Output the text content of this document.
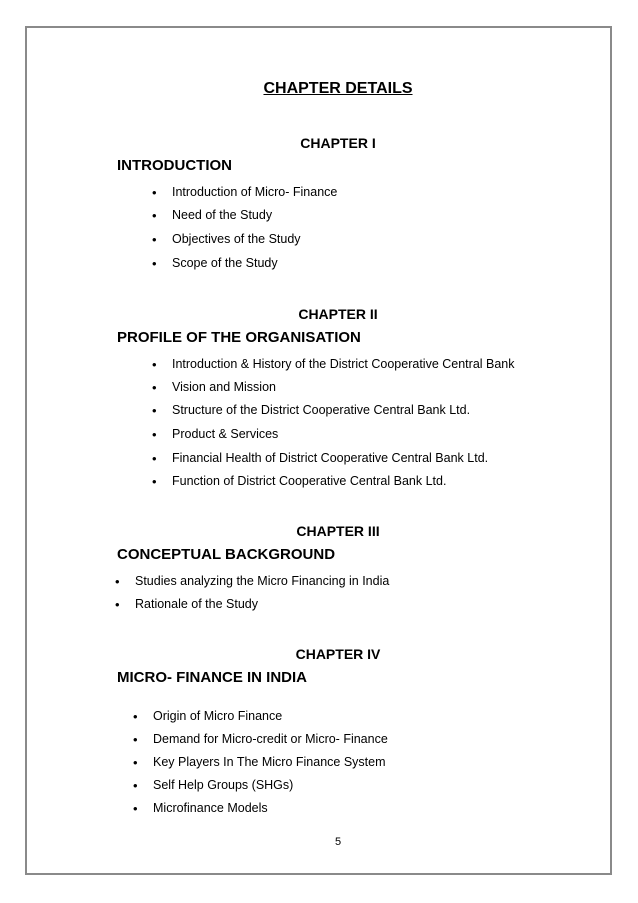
CHAPTER DETAILS
CHAPTER I
INTRODUCTION
• Introduction of Micro- Finance
• Need of the Study
• Objectives of the Study
• Scope of the Study
CHAPTER II
PROFILE OF THE ORGANISATION
• Introduction & History of the District Cooperative Central Bank
• Vision and Mission
• Structure of the District Cooperative Central Bank Ltd.
• Product & Services
• Financial Health of District Cooperative Central Bank Ltd.
• Function of District Cooperative Central Bank Ltd.
CHAPTER III
CONCEPTUAL BACKGROUND
• Studies analyzing the Micro Financing in India
• Rationale of the Study
CHAPTER IV
MICRO- FINANCE IN INDIA
• Origin of Micro Finance
• Demand for Micro-credit or Micro- Finance
• Key Players In The Micro Finance System
• Self Help Groups (SHGs)
• Microfinance Models
5
